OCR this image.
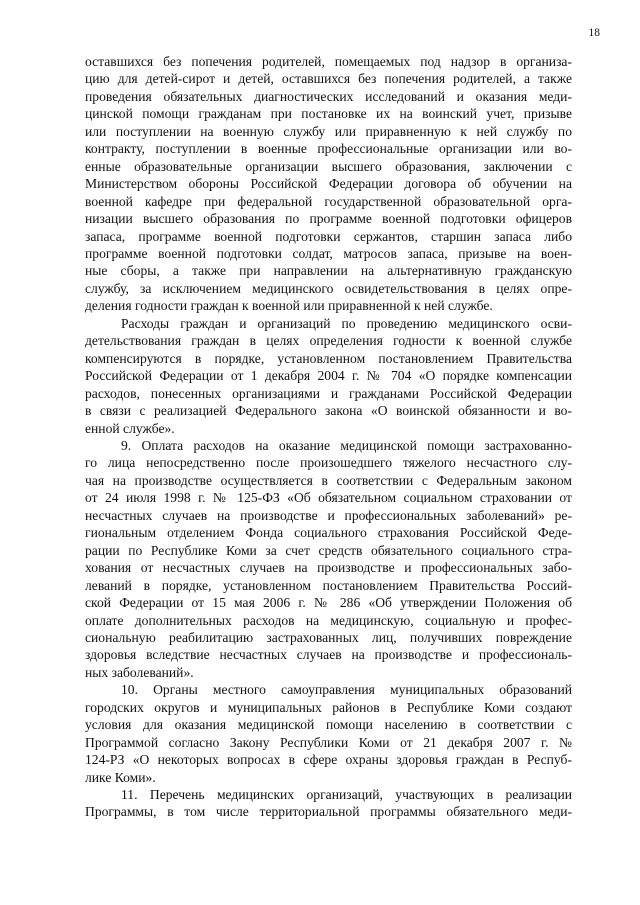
18

оставшихся без попечения родителей, помещаемых под надзор в организа-
цию для детей-сирот и детей, оставшихся без попечения родителей, а также
проведения обязательных диагностических исследований и оказания меди-
цинской помощи гражданам при постановке их на воинский учет, призыве
или поступлении на военную службу или приравненную к ней службу по
контракту, поступлении в военные профессиональные организации или во-
енные образовательные организации высшего образования, заключении с
Министерством обороны Российской Федерации договора об обучении на
военной кафедре при федеральной государственной образовательной орга-
низации высшего образования по программе военной подготовки офицеров
запаса, программе военной подготовки сержантов, старшин запаса либо
программе военной подготовки солдат, матросов запаса, призыве на воен-
ные сборы, а также при направлении на альтернативную гражданскую
службу, за исключением медицинского освидетельствования в целях опре-
деления годности граждан к военной или приравненной к ней службе.

Расходы граждан и организаций по проведению медицинского осви-
детельствования граждан в целях определения годности к военной службе
компенсируются в порядке, установленном постановлением Правительства
Российской Федерации от 1 декабря 2004 г. № 704 «О порядке компенсации
расходов, понесенных организациями и гражданами Российской Федерации
в связи с реализацией Федерального закона «О воинской обязанности и во-
енной службе».

9. Оплата расходов на оказание медицинской помощи застрахованно-
го лица непосредственно после произошедшего тяжелого несчастного слу-
чая на производстве осуществляется в соответствии с Федеральным законом
от 24 июля 1998 г. № 125-ФЗ «Об обязательном социальном страховании от
несчастных случаев на производстве и профессиональных заболеваний» ре-
гиональным отделением Фонда социального страхования Российской Феде-
рации по Республике Коми за счет средств обязательного социального стра-
хования от несчастных случаев на производстве и профессиональных забо-
леваний в порядке, установленном постановлением Правительства Россий-
ской Федерации от 15 мая 2006 г. № 286 «Об утверждении Положения об
оплате дополнительных расходов на медицинскую, социальную и профес-
сиональную реабилитацию застрахованных лиц, получивших повреждение
здоровья вследствие несчастных случаев на производстве и профессиональ-
ных заболеваний».

10. Органы местного самоуправления муниципальных образований
городских округов и муниципальных районов в Республике Коми создают
условия для оказания медицинской помощи населению в соответствии с
Программой согласно Закону Республики Коми от 21 декабря 2007 г. №
124-РЗ «О некоторых вопросах в сфере охраны здоровья граждан в Респуб-
лике Коми».

11. Перечень медицинских организаций, участвующих в реализации
Программы, в том числе территориальной программы обязательного меди-
